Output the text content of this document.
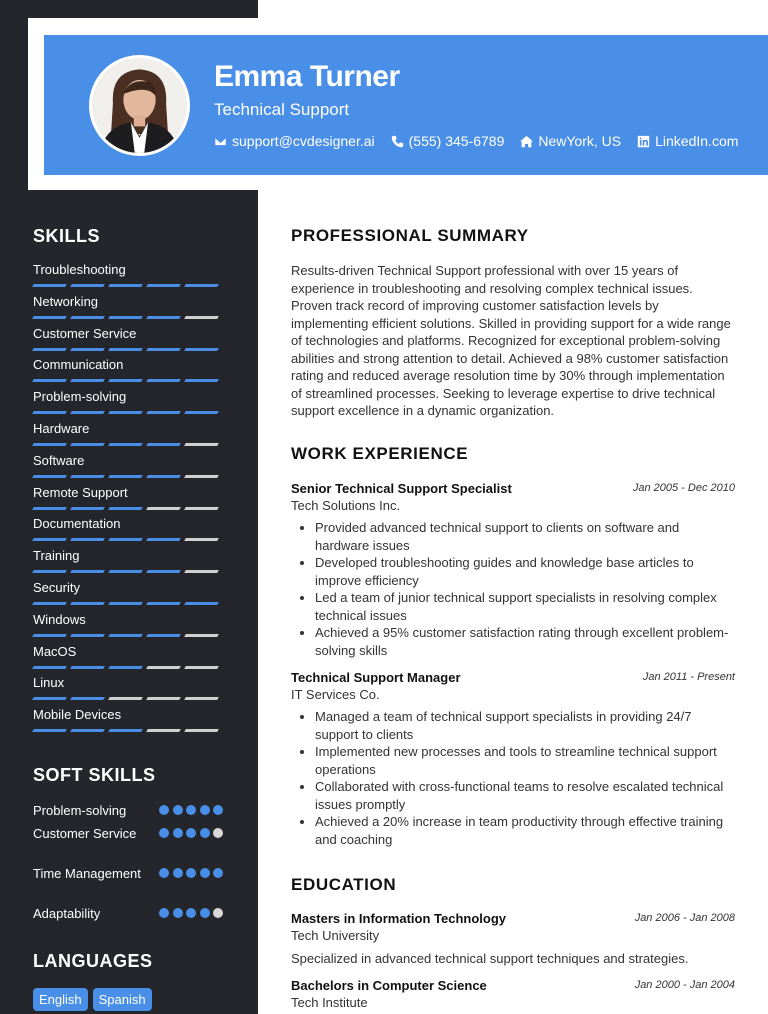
Emma Turner
Technical Support
support@cvdesigner.ai (555) 345-6789 NewYork, US LinkedIn.com
SKILLS
Troubleshooting
Networking
Customer Service
Communication
Problem-solving
Hardware
Software
Remote Support
Documentation
Training
Security
Windows
MacOS
Linux
Mobile Devices
SOFT SKILLS
Problem-solving
Customer Service
Time Management
Adaptability
LANGUAGES
English	Spanish
PROFESSIONAL SUMMARY
Results-driven Technical Support professional with over 15 years of experience in troubleshooting and resolving complex technical issues. Proven track record of improving customer satisfaction levels by implementing efficient solutions. Skilled in providing support for a wide range of technologies and platforms. Recognized for exceptional problem-solving abilities and strong attention to detail. Achieved a 98% customer satisfaction rating and reduced average resolution time by 30% through implementation of streamlined processes. Seeking to leverage expertise to drive technical support excellence in a dynamic organization.
WORK EXPERIENCE
Senior Technical Support Specialist	Jan 2005 - Dec 2010
Tech Solutions Inc.
• Provided advanced technical support to clients on software and hardware issues
• Developed troubleshooting guides and knowledge base articles to improve efficiency
• Led a team of junior technical support specialists in resolving complex technical issues
• Achieved a 95% customer satisfaction rating through excellent problem-solving skills
Technical Support Manager	Jan 2011 - Present
IT Services Co.
• Managed a team of technical support specialists in providing 24/7 support to clients
• Implemented new processes and tools to streamline technical support operations
• Collaborated with cross-functional teams to resolve escalated technical issues promptly
• Achieved a 20% increase in team productivity through effective training and coaching
EDUCATION
Masters in Information Technology	Jan 2006 - Jan 2008
Tech University
Specialized in advanced technical support techniques and strategies.
Bachelors in Computer Science	Jan 2000 - Jan 2004
Tech Institute
